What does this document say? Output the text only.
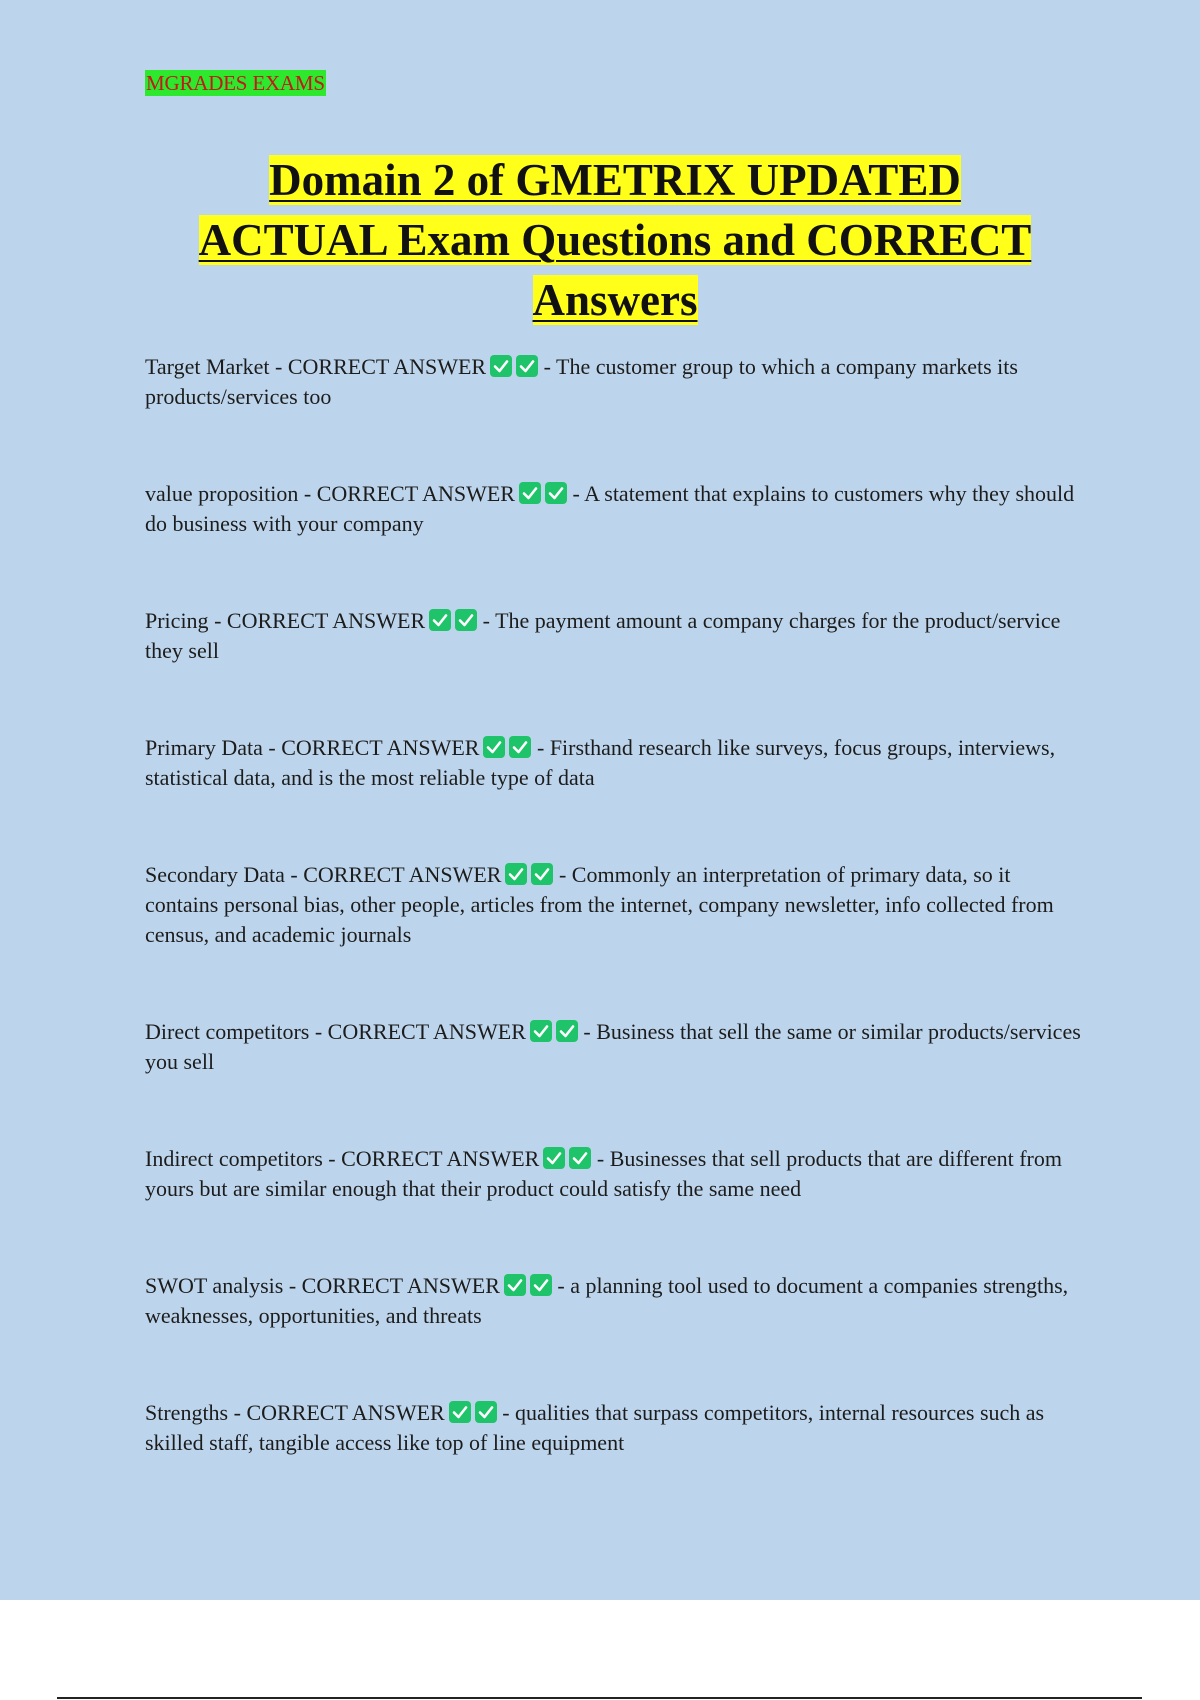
MGRADES EXAMS
Domain 2 of GMETRIX UPDATED
ACTUAL Exam Questions and CORRECT
Answers

Target Market - CORRECT ANSWER
- The customer group to which a company markets its products/services too

value proposition - CORRECT ANSWER
- A statement that explains to customers why they should do business with your company

Pricing - CORRECT ANSWER
- The payment amount a company charges for the product/service they sell

Primary Data - CORRECT ANSWER
- Firsthand research like surveys, focus groups, interviews, statistical data, and is the most reliable type of data

Secondary Data - CORRECT ANSWER
- Commonly an interpretation of primary data, so it contains personal bias, other people, articles from the internet, company newsletter, info collected from census, and academic journals

Direct competitors - CORRECT ANSWER
- Business that sell the same or similar products/services you sell

Indirect competitors - CORRECT ANSWER
- Businesses that sell products that are different from yours but are similar enough that their product could satisfy the same need

SWOT analysis - CORRECT ANSWER
- a planning tool used to document a companies strengths, weaknesses, opportunities, and threats

Strengths - CORRECT ANSWER
- qualities that surpass competitors, internal resources such as skilled staff, tangible access like top of line equipment
